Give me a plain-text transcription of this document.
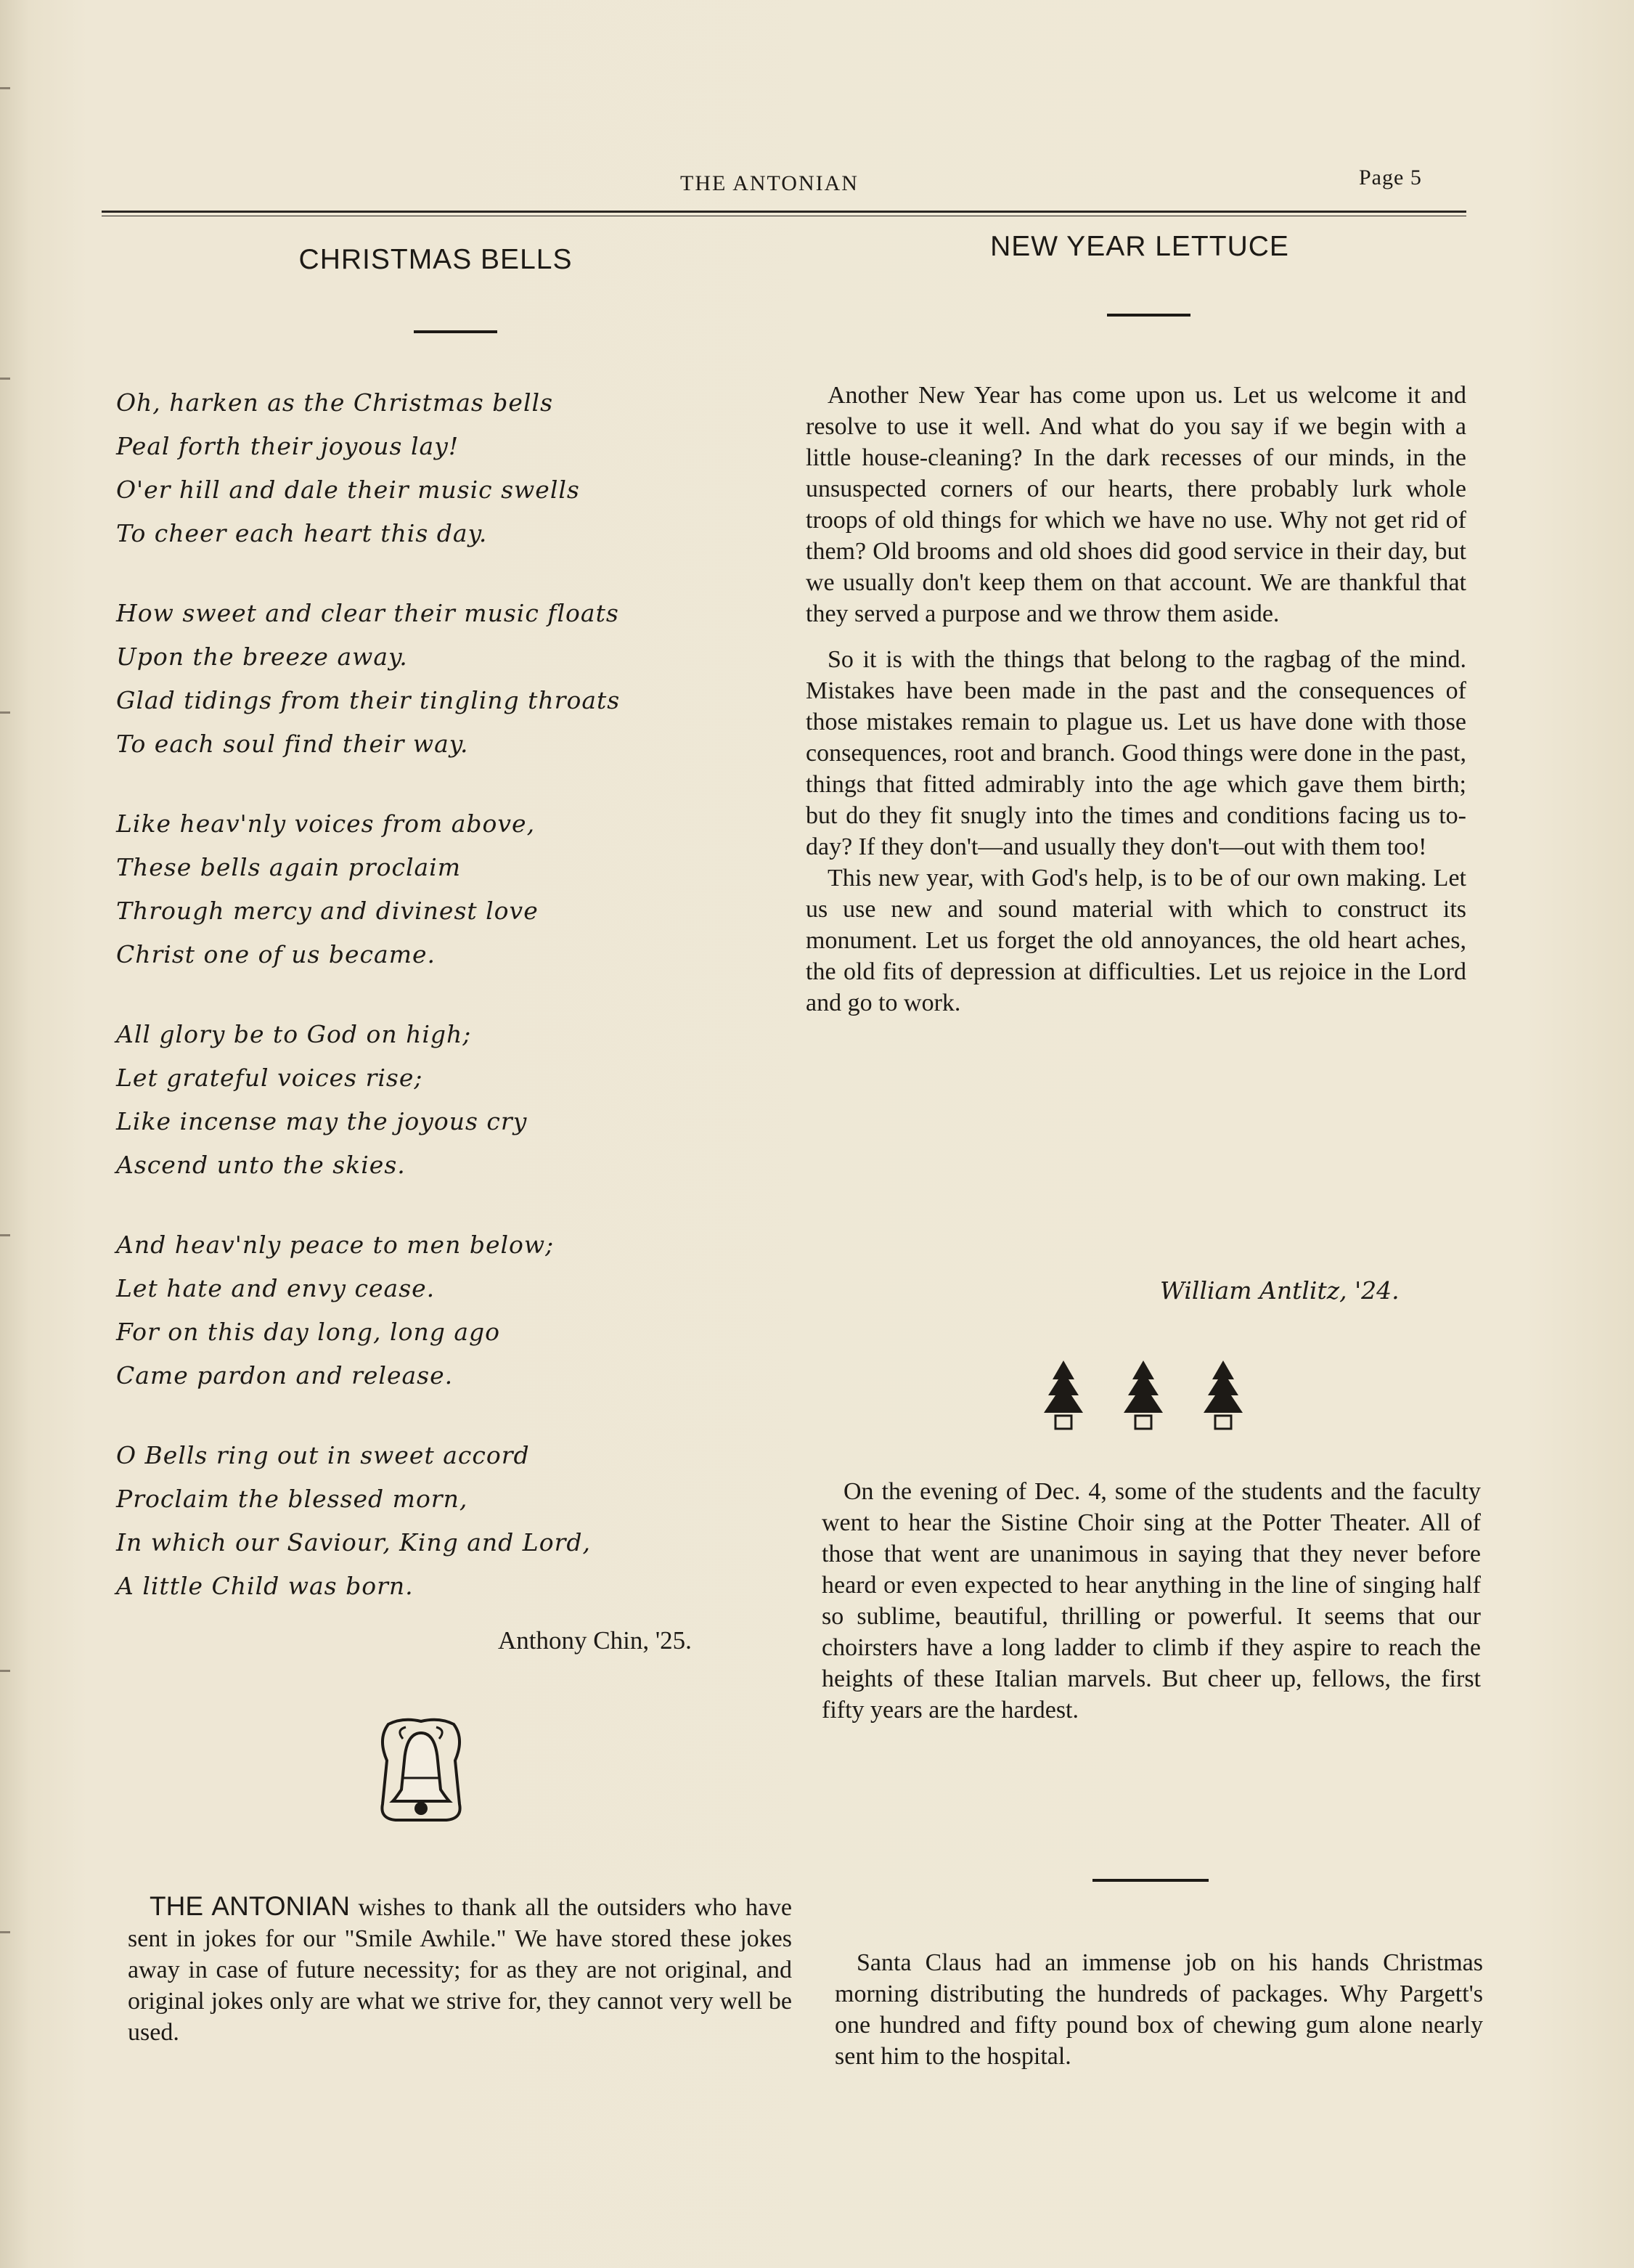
THE ANTONIAN	Page 5
CHRISTMAS BELLS
Oh, harken as the Christmas bells
Peal forth their joyous lay!
O'er hill and dale their music swells
To cheer each heart this day.
How sweet and clear their music floats
Upon the breeze away.
Glad tidings from their tingling throats
To each soul find their way.
Like heav'nly voices from above,
These bells again proclaim
Through mercy and divinest love
Christ one of us became.
All glory be to God on high;
Let grateful voices rise;
Like incense may the joyous cry
Ascend unto the skies.
And heav'nly peace to men below;
Let hate and envy cease.
For on this day long, long ago
Came pardon and release.
O Bells ring out in sweet accord
Proclaim the blessed morn,
In which our Saviour, King and Lord,
A little Child was born.
Anthony Chin, '25.

THE ANTONIAN wishes to thank all the outsiders who have sent in jokes for our "Smile Awhile." We have stored these jokes away in case of future necessity; for as they are not original, and original jokes only are what we strive for, they cannot very well be used.

NEW YEAR LETTUCE

Another New Year has come upon us. Let us welcome it and resolve to use it well. And what do you say if we begin with a little house-cleaning? In the dark recesses of our minds, in the unsuspected corners of our hearts, there probably lurk whole troops of old things for which we have no use. Why not get rid of them? Old brooms and old shoes did good service in their day, but we usually don't keep them on that account. We are thankful that they served a purpose and we throw them aside.

So it is with the things that belong to the ragbag of the mind. Mistakes have been made in the past and the consequences of those mistakes remain to plague us. Let us have done with those consequences, root and branch. Good things were done in the past, things that fitted admirably into the age which gave them birth; but do they fit snugly into the times and conditions facing us to-day? If they don't—and usually they don't—out with them too!

This new year, with God's help, is to be of our own making. Let us use new and sound material with which to construct its monument. Let us forget the old annoyances, the old heart aches, the old fits of depression at difficulties. Let us rejoice in the Lord and go to work.

William Antlitz, '24.

On the evening of Dec. 4, some of the students and the faculty went to hear the Sistine Choir sing at the Potter Theater. All of those that went are unanimous in saying that they never before heard or even expected to hear anything in the line of singing half so sublime, beautiful, thrilling or powerful. It seems that our choirsters have a long ladder to climb if they aspire to reach the heights of these Italian marvels. But cheer up, fellows, the first fifty years are the hardest.

Santa Claus had an immense job on his hands Christmas morning distributing the hundreds of packages. Why Pargett's one hundred and fifty pound box of chewing gum alone nearly sent him to the hospital.
